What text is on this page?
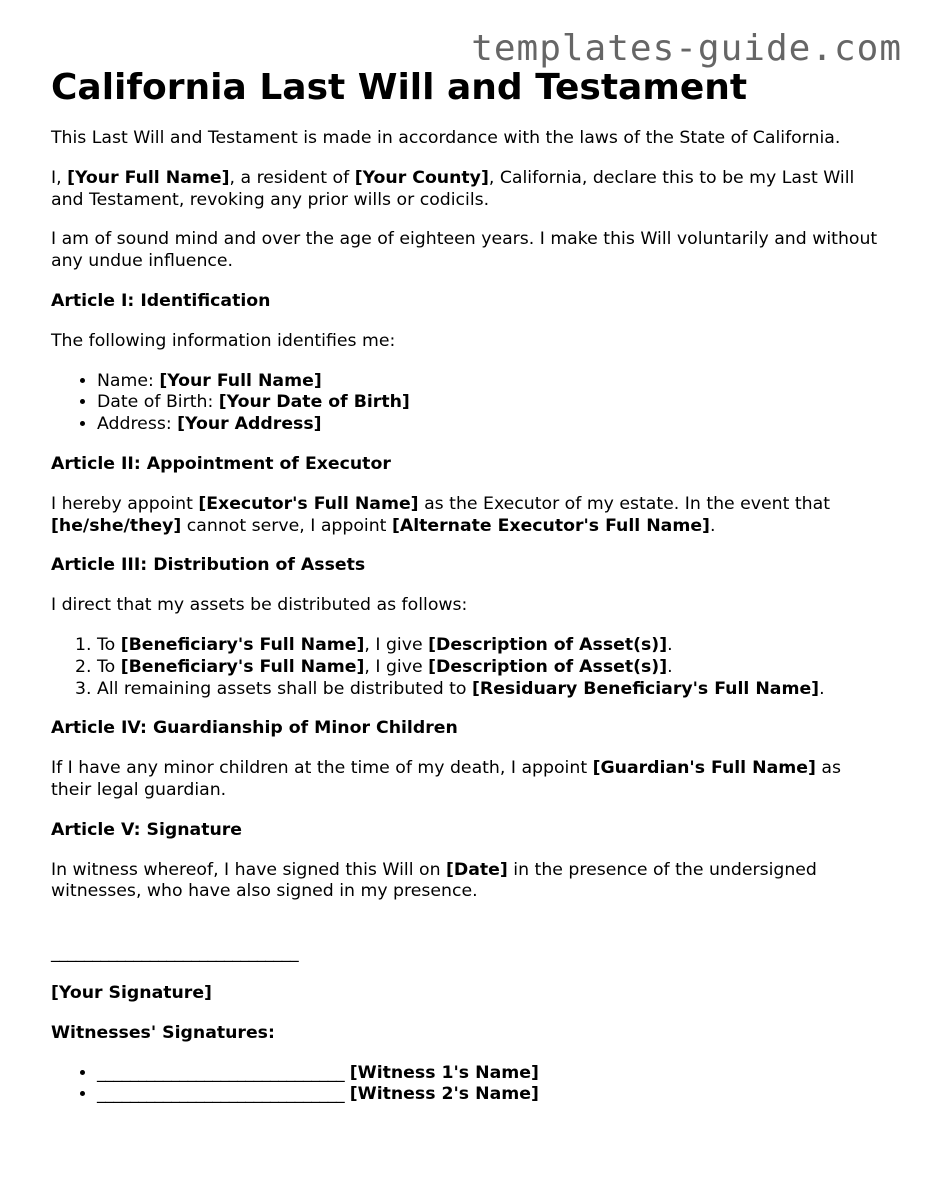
templates-guide.com
California Last Will and Testament

This Last Will and Testament is made in accordance with the laws of the State of California.

I, [Your Full Name], a resident of [Your County], California, declare this to be my Last Will and Testament, revoking any prior wills or codicils.

I am of sound mind and over the age of eighteen years. I make this Will voluntarily and without any undue influence.

Article I: Identification

The following information identifies me:

• Name: [Your Full Name]
• Date of Birth: [Your Date of Birth]
• Address: [Your Address]
Article II: Appointment of Executor

I hereby appoint [Executor's Full Name] as the Executor of my estate. In the event that [he/she/they] cannot serve, I appoint [Alternate Executor's Full Name].

Article III: Distribution of Assets

I direct that my assets be distributed as follows:

1. To [Beneficiary's Full Name], I give [Description of Asset(s)].
2. To [Beneficiary's Full Name], I give [Description of Asset(s)].
3. All remaining assets shall be distributed to [Residuary Beneficiary's Full Name].
Article IV: Guardianship of Minor Children

If I have any minor children at the time of my death, I appoint [Guardian's Full Name] as their legal guardian.

Article V: Signature

In witness whereof, I have signed this Will on [Date] in the presence of the undersigned witnesses, who have also signed in my presence.

______________________________

[Your Signature]

Witnesses' Signatures:

• ______________________________ [Witness 1's Name]
• ______________________________ [Witness 2's Name]
